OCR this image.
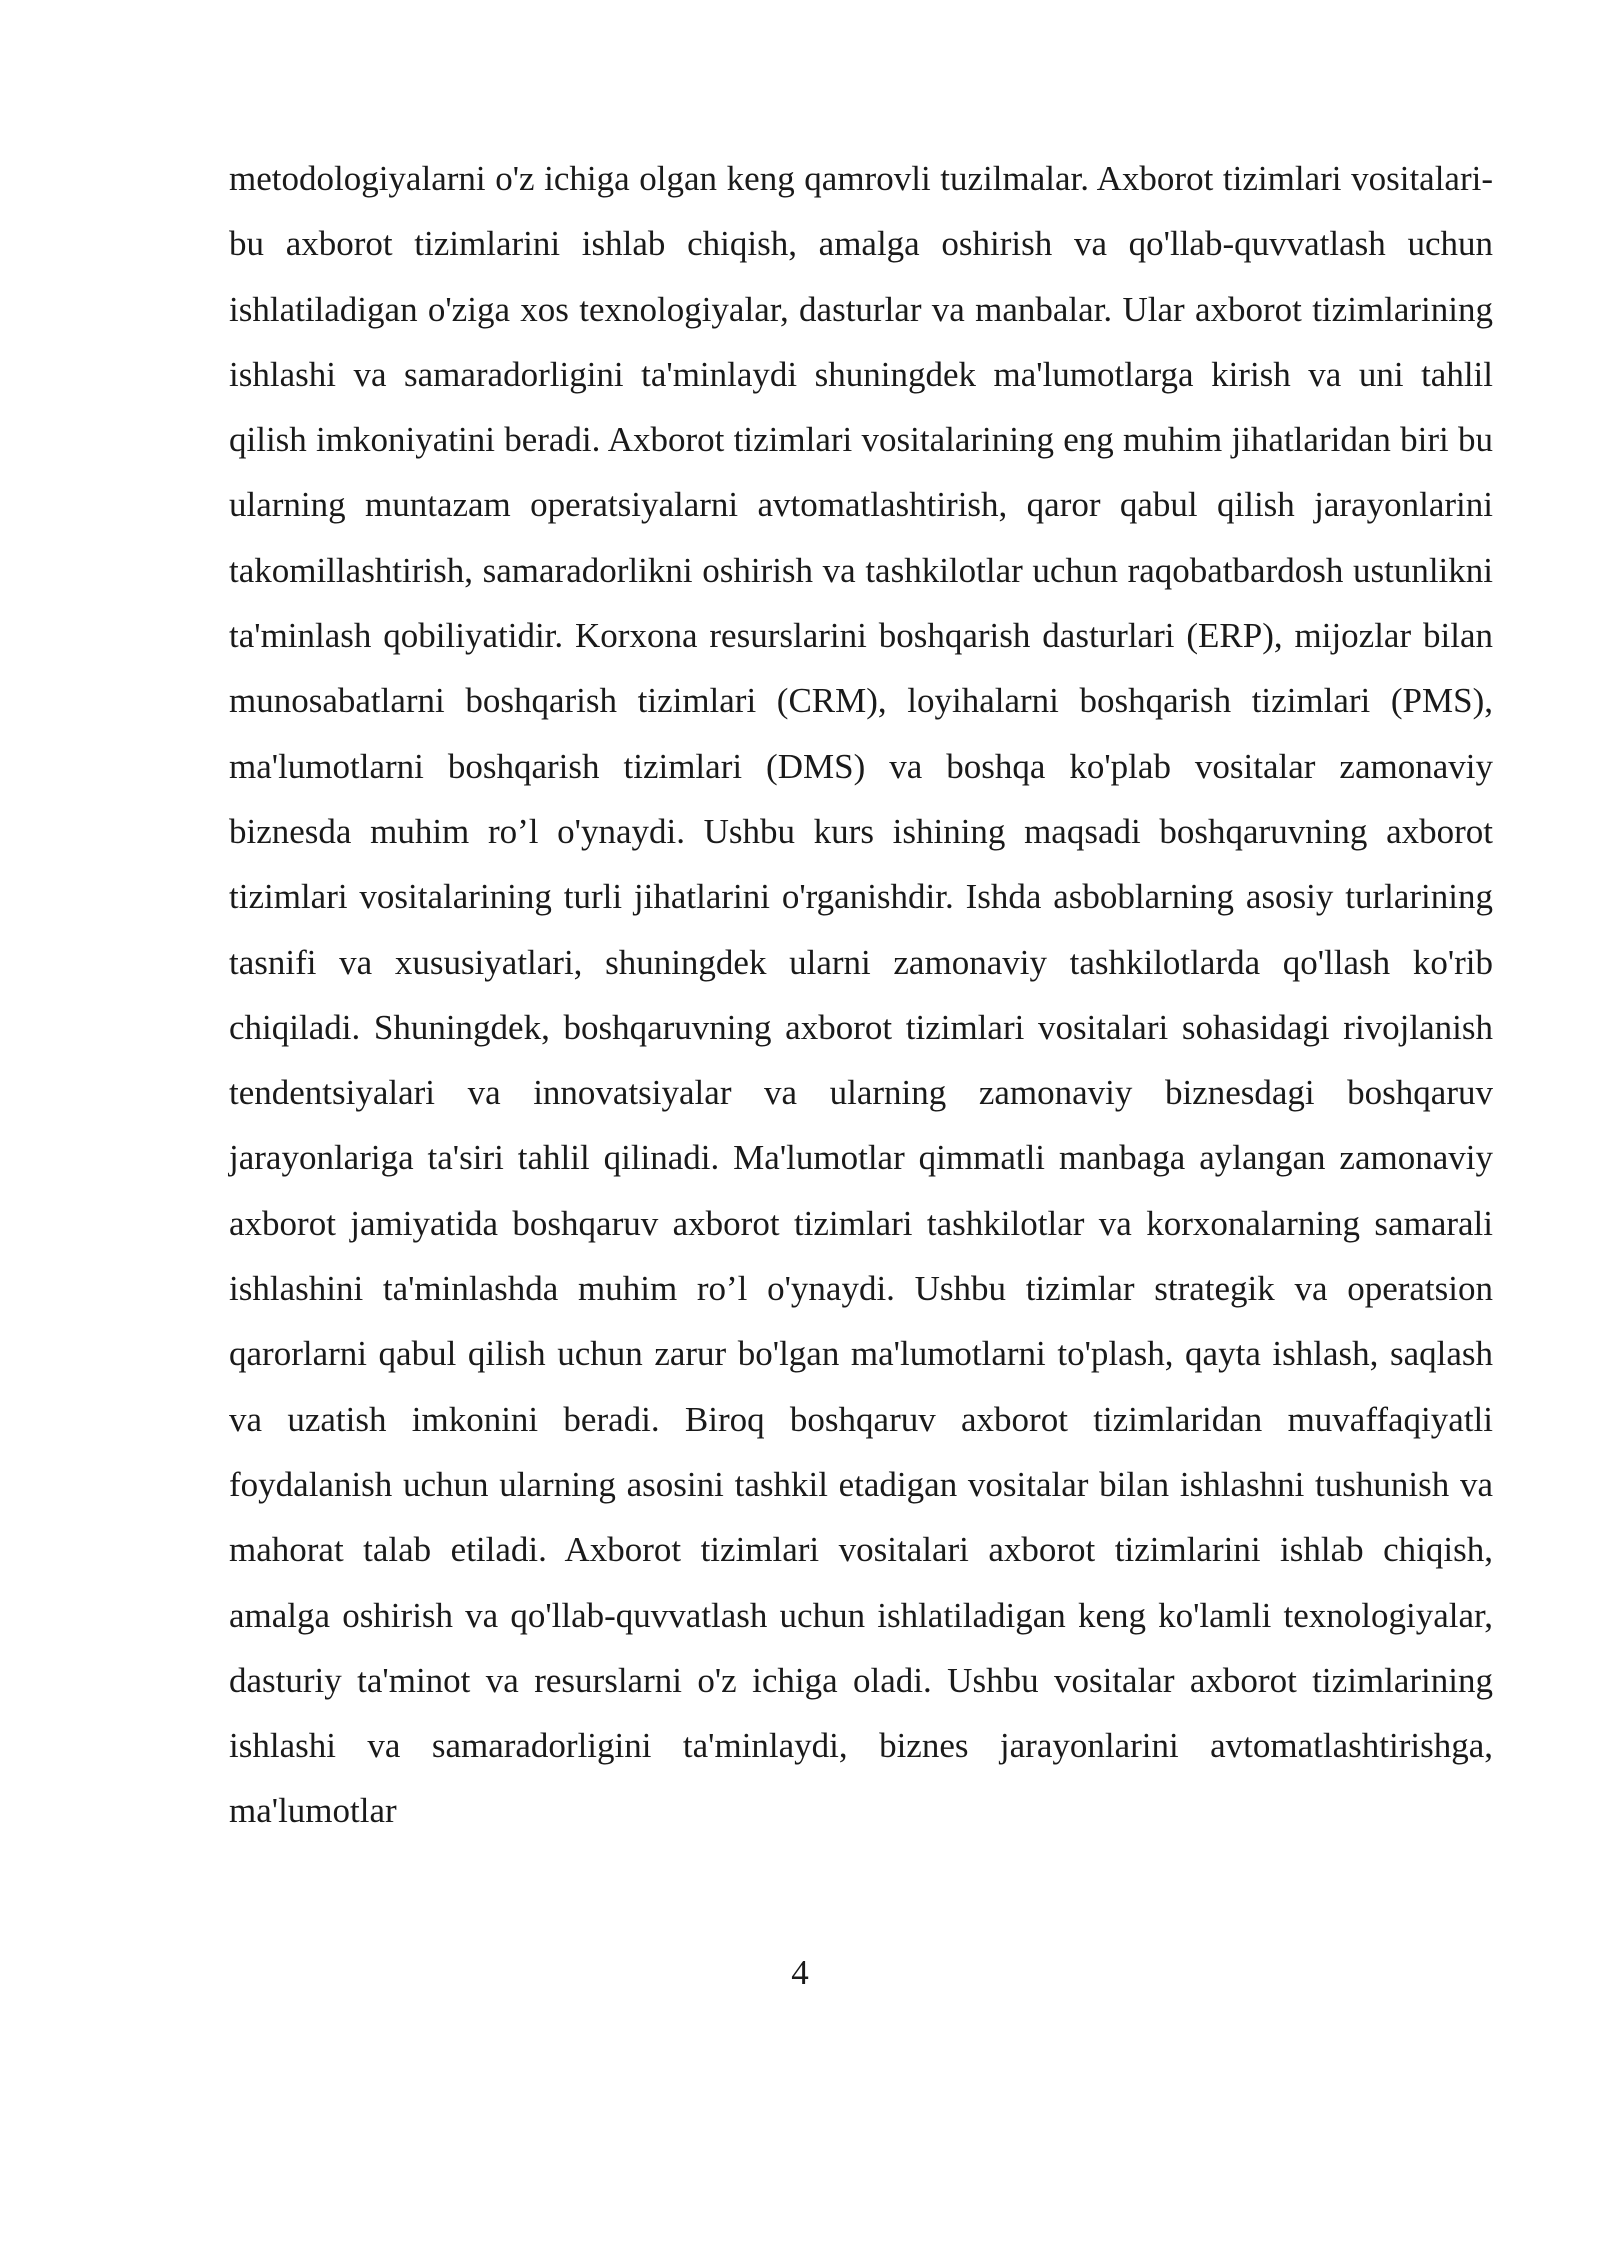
metodologiyalarni o'z ichiga olgan keng qamrovli tuzilmalar. Axborot tizimlari vositalari-bu axborot tizimlarini ishlab chiqish, amalga oshirish va qo'llab-quvvatlash uchun ishlatiladigan o'ziga xos texnologiyalar, dasturlar va manbalar. Ular axborot tizimlarining ishlashi va samaradorligini ta'minlaydi shuningdek ma'lumotlarga kirish va uni tahlil qilish imkoniyatini beradi. Axborot tizimlari vositalarining eng muhim jihatlaridan biri bu ularning muntazam operatsiyalarni avtomatlashtirish, qaror qabul qilish jarayonlarini takomillashtirish, samaradorlikni oshirish va tashkilotlar uchun raqobatbardosh ustunlikni ta'minlash qobiliyatidir. Korxona resurslarini boshqarish dasturlari (ERP), mijozlar bilan munosabatlarni boshqarish tizimlari (CRM), loyihalarni boshqarish tizimlari (PMS), ma'lumotlarni boshqarish tizimlari (DMS) va boshqa ko'plab vositalar zamonaviy biznesda muhim ro’l o'ynaydi. Ushbu kurs ishining maqsadi boshqaruvning axborot tizimlari vositalarining turli jihatlarini o'rganishdir. Ishda asboblarning asosiy turlarining tasnifi va xususiyatlari, shuningdek ularni zamonaviy tashkilotlarda qo'llash ko'rib chiqiladi. Shuningdek, boshqaruvning axborot tizimlari vositalari sohasidagi rivojlanish tendentsiyalari va innovatsiyalar va ularning zamonaviy biznesdagi boshqaruv jarayonlariga ta'siri tahlil qilinadi. Ma'lumotlar qimmatli manbaga aylangan zamonaviy axborot jamiyatida boshqaruv axborot tizimlari tashkilotlar va korxonalarning samarali ishlashini ta'minlashda muhim ro’l o'ynaydi. Ushbu tizimlar strategik va operatsion qarorlarni qabul qilish uchun zarur bo'lgan ma'lumotlarni to'plash, qayta ishlash, saqlash va uzatish imkonini beradi. Biroq boshqaruv axborot tizimlaridan muvaffaqiyatli foydalanish uchun ularning asosini tashkil etadigan vositalar bilan ishlashni tushunish va mahorat talab etiladi. Axborot tizimlari vositalari axborot tizimlarini ishlab chiqish, amalga oshirish va qo'llab-quvvatlash uchun ishlatiladigan keng ko'lamli texnologiyalar, dasturiy ta'minot va resurslarni o'z ichiga oladi. Ushbu vositalar axborot tizimlarining ishlashi va samaradorligini ta'minlaydi, biznes jarayonlarini avtomatlashtirishga, ma'lumotlar

4
